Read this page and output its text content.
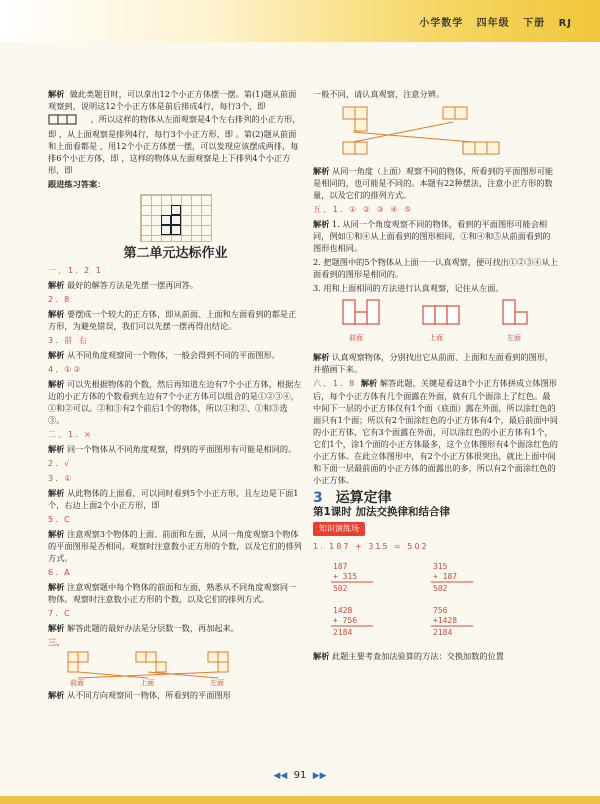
小学数学 四年级 下册 RJ

解析 做此类题目时，可以拿出12个小正方体摆一摆。第(1)题从前面观察到，说明这12个小正方体是前后排成4行，每行3个，即  ，所以这样的物体从左面观察是4个左右排列的小正方形，即 ，从上面观察是排列4行，每行3个小正方形，即 。第(2)题从前面和上面看都是 ，用12个小正方体摆一摆，可以发现应该摆成两排，每排6个小正方体，即 ，这样的物体从左面观察是上下排列4个小正方形，即

跟进练习答案：

第二单元达标作业

一、1. 2 1

解析 最好的解答方法是先摆一摆再回答。

2. 8

解析 要摆成一个较大的正方体，即从前面、上面和左面看到的都是正方形，为避免错误，我们可以先摆一摆再得出结论。

3. 前 右

解析 从不同角度观察同一个物体，一般会得到不同的平面图形。

4. ①②

解析 可以先根据物体的个数，然后再知道左边有7个小正方体，根据左边的小正方体的个数看到左边有7个小正方体可以组合的是①②③④，①和②可以。②和③有2个前后1个的物体，所以①和②、①和③选③。

二、1. ×

解析 同一个物体从不同角度观察，得到的平面图形有可能是相同的。

2. √

3. ①

解析 从此物体的上面看，可以同时看到5个小正方形，且左边是下面1个，右边上面2个小正方形，即

5. C

解析 注意观察3个物体的上面、前面和左面，从同一角度观察3个物体的平面图形是否相同。观察时注意数小正方形的个数，以及它们的排列方式。

6. A

解析 注意观察题中每个物体的前面和左面，熟悉从不同角度观察同一物体。观察时注意数小正方形的个数，以及它们的排列方式。

7. C

解析 解答此题的最好办法是分层数一数，再加起来。

三、

前面	上面	左面

解析 从不同方向观察同一物体，所看到的平面图形

一般不同，请认真观察，注意分辨。

解析 从同一角度（上面）观察不同的物体，所看到的平面图形可能是相同的，也可能是不同的。本题有22种摆法，注意小正方形的数量，以及它们的排列方式。

五、1. ① ② ③ ④ ⑤

解析 1. 从同一个角度观察不同的物体，看到的平面图形可能会相同，例如①和④从上面看到的图形相同，①和④和⑤从前面看到的图形也相同。

2. 把题图中的5个物体从上面一一认真观察，便可找出①②③④从上面看到的图形是相同的。

3. 用和上面相同的方法进行认真观察，记住从左面。

前面	上面	左面

解析 认真观察物体，分别找出它从前面、上面和左面看到的图形，并描画下来。

六、1. 8 解析 解答此题，关键是看这8个小正方体拼成立体图形后，每个小正方体有几个面露在外面，就有几个面涂上了红色。最中间下一层的小正方体仅有1个面（底面）露在外面，所以涂红色的面只有1个面；所以有2个面涂红色的小正方体有4个，最后前面中间的小正方体，它有3个面露在外面，可以涂红色的小正方体有1个，它们1个，涂1个面的小正方体最多，这个立体图形有4个面涂红色的小正方体。在此立体图形中，有2个小正方体很突出，就比上面中间和下面一层最前面的小正方体的面露出的多，所以有2个面涂红色的小正方体。

3 运算定律
第1课时 加法交换律和结合律
知识演练场

1. 187 + 315 = 502

187
+ 315
502
315
+ 187
502
1428
+ 756
2184
756
+1428
2184

解析 此题主要考查加法验算的方法：交换加数的位置

◀◀ 91 ▶▶
